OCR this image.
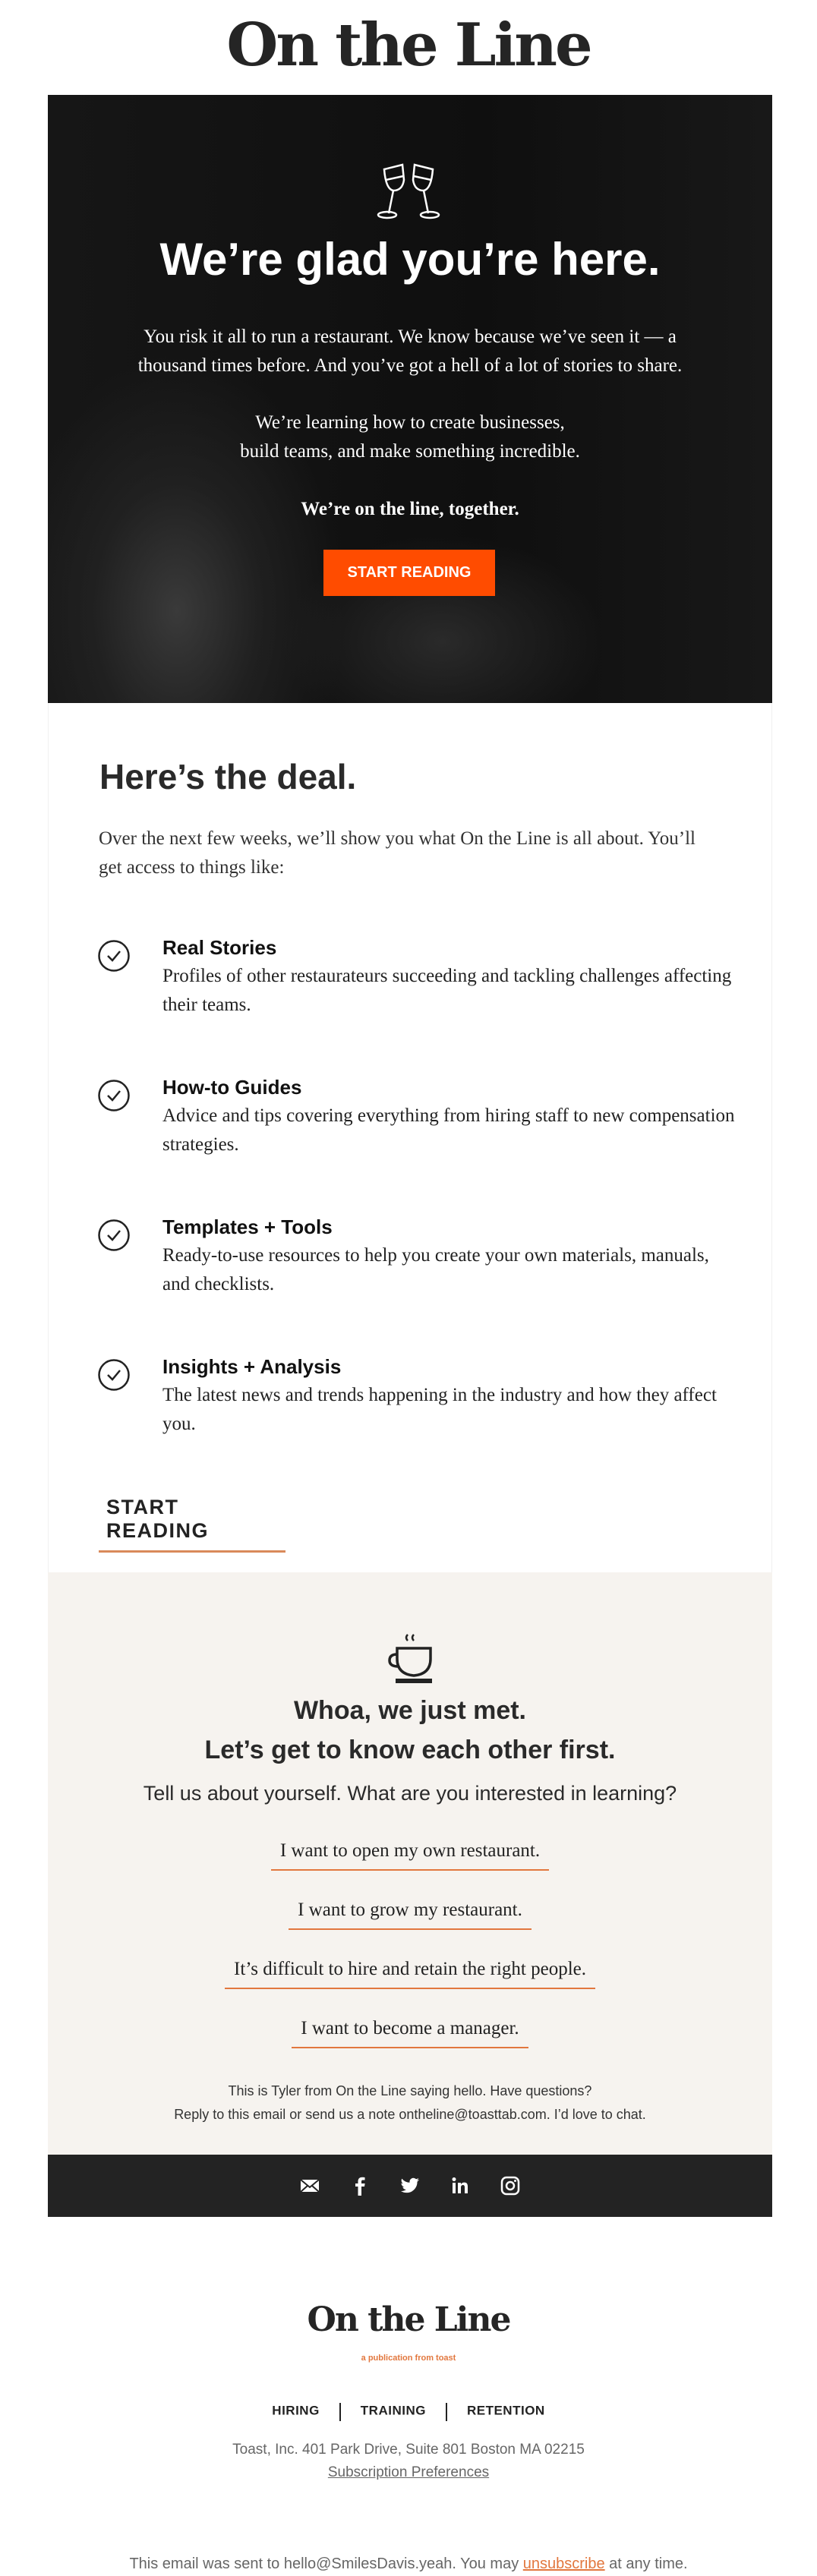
On the Line
We’re glad you’re here.
You risk it all to run a restaurant. We know because we’ve seen it — a
thousand times before. And you’ve got a hell of a lot of stories to share.
We’re learning how to create businesses,
build teams, and make something incredible.
We’re on the line, together.
START READING
Here’s the deal.
Over the next few weeks, we’ll show you what On the Line is all about. You’ll
get access to things like:
Real Stories
Profiles of other restaurateurs succeeding and tackling challenges affecting their teams.
How-to Guides
Advice and tips covering everything from hiring staff to new compensation strategies.
Templates + Tools
Ready-to-use resources to help you create your own materials, manuals, and checklists.
Insights + Analysis
The latest news and trends happening in the industry and how they affect you.
START READING
Whoa, we just met.
Let’s get to know each other first.
Tell us about yourself. What are you interested in learning?
I want to open my own restaurant.
I want to grow my restaurant.
It’s difficult to hire and retain the right people.
I want to become a manager.
This is Tyler from On the Line saying hello. Have questions?
Reply to this email or send us a note ontheline@toasttab.com. I’d love to chat.
On the Line
a publication from toast
HIRING	TRAINING	RETENTION
Toast, Inc. 401 Park Drive, Suite 801 Boston MA 02215
Subscription Preferences
This email was sent to hello@SmilesDavis.yeah. You may unsubscribe at any time.
